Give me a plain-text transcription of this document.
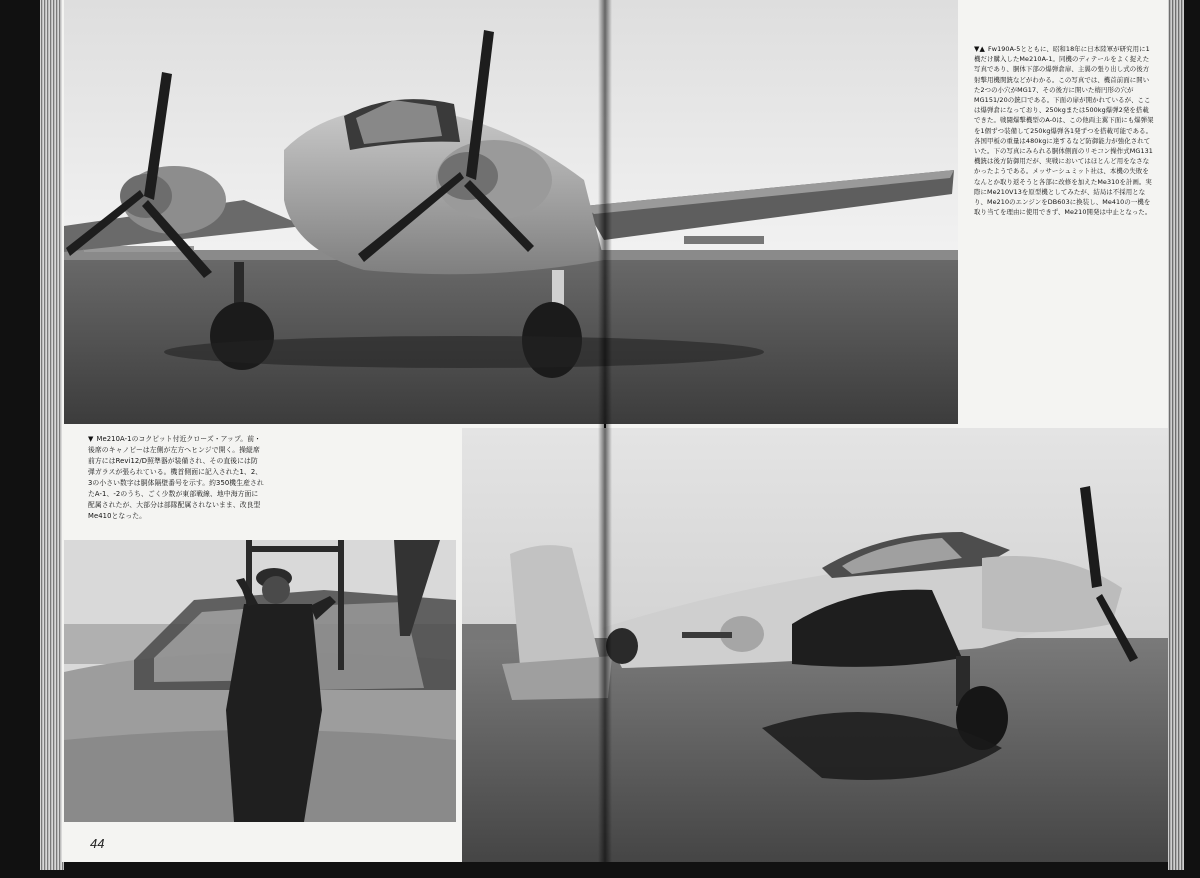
▼ Me210A-1のコクピット付近クローズ・アップ。前・後席のキャノピーは左側が左方へヒンジで開く。操縦席前方にはRevi12/D照準器が装備され、その直後には防弾ガラスが張られている。機首側面に記入された1、2、3の小さい数字は胴体隔壁番号を示す。約350機生産されたA-1、-2のうち、ごく少数が東部戦線、地中海方面に配属されたが、大部分は部隊配属されないまま、改良型Me410となった。
44
▼▲ Fw190A-5とともに、昭和18年に日本陸軍が研究用に1機だけ購入したMe210A-1。同機のディテールをよく捉えた写真であり、胴体下部の爆弾倉扉、主翼の張り出し式の後方射撃用機関銃などがわかる。この写真では、機首前面に開いた2つの小穴がMG17、その後方に開いた楕円形の穴がMG151/20の銃口である。下面の扉が開かれているが、ここは爆弾倉になっており、250kgまたは500kg爆弾2発を搭載できた。戦闘爆撃機型のA-0は、この他両主翼下面にも爆弾架を1個ずつ装備して250kg爆弾各1発ずつを搭載可能である。各国甲板の重量は480kgに達するなど防御能力が強化されていた。下の写真にみられる胴体側面のリモコン操作式MG131機銃は後方防御用だが、実戦においてはほとんど用をなさなかったようである。メッサーシュミット社は、本機の失敗をなんとか取り返そうと各部に改修を加えたMe310を計画。実際にMe210V13を原型機としてみたが、結局は不採用となり、Me210のエンジンをDB603に換装し、Me410の一機を取り当てを理由に使用できず、Me210開発は中止となった。
